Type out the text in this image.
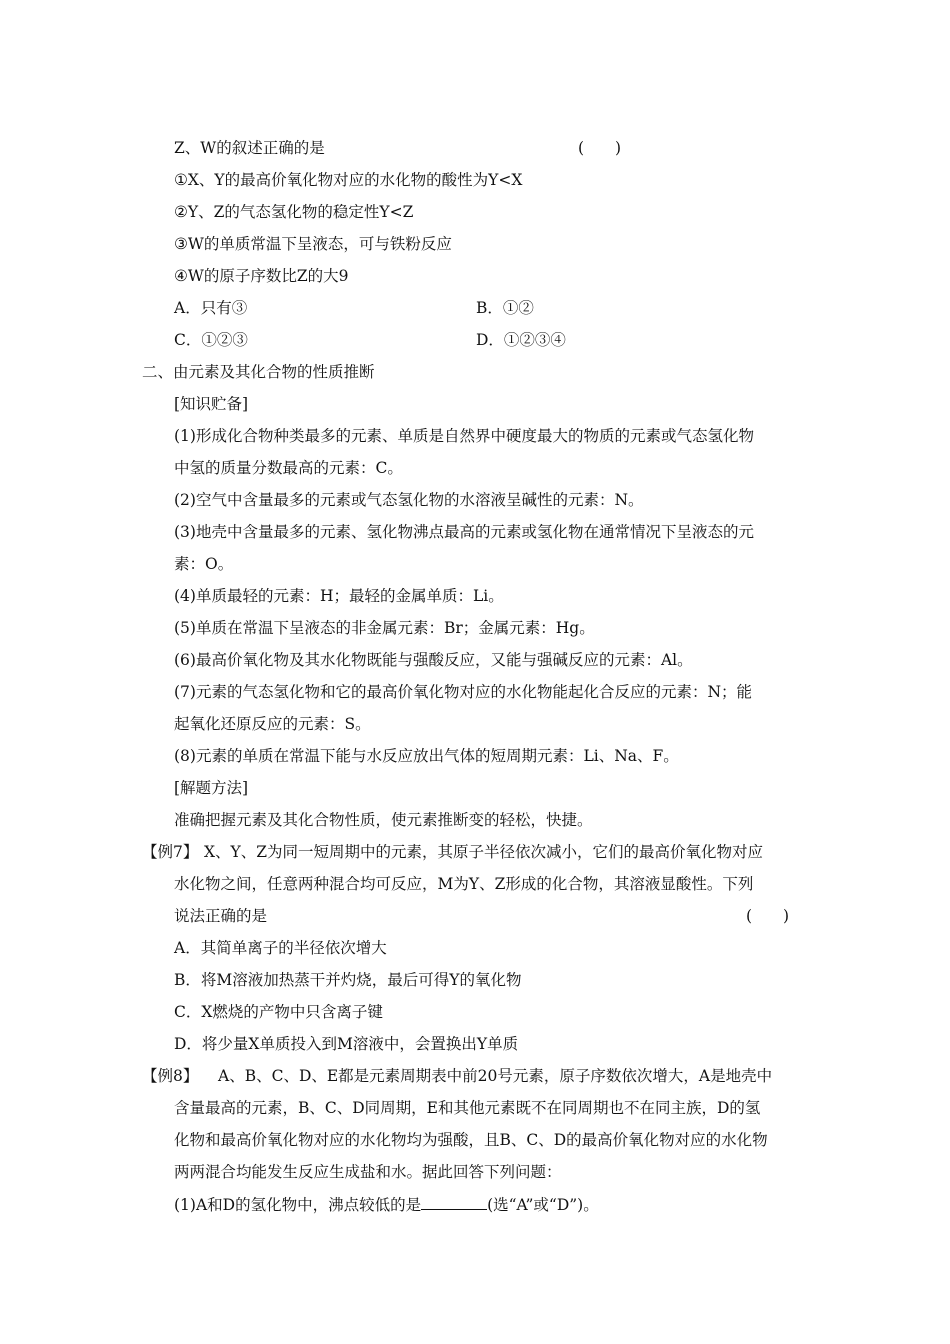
Z、W的叙述正确的是	(　　)
①X、Y的最高价氧化物对应的水化物的酸性为Y<X
②Y、Z的气态氢化物的稳定性Y<Z
③W的单质常温下呈液态，可与铁粉反应
④W的原子序数比Z的大9
A．只有③	B．①②
C．①②③	D．①②③④
二、由元素及其化合物的性质推断
[知识贮备]
(1)形成化合物种类最多的元素、单质是自然界中硬度最大的物质的元素或气态氢化物
中氢的质量分数最高的元素：C。
(2)空气中含量最多的元素或气态氢化物的水溶液呈碱性的元素：N。
(3)地壳中含量最多的元素、氢化物沸点最高的元素或氢化物在通常情况下呈液态的元
素：O。
(4)单质最轻的元素：H；最轻的金属单质：Li。
(5)单质在常温下呈液态的非金属元素：Br；金属元素：Hg。
(6)最高价氧化物及其水化物既能与强酸反应，又能与强碱反应的元素：Al。
(7)元素的气态氢化物和它的最高价氧化物对应的水化物能起化合反应的元素：N；能
起氧化还原反应的元素：S。
(8)元素的单质在常温下能与水反应放出气体的短周期元素：Li、Na、F。
[解题方法]
准确把握元素及其化合物性质，使元素推断变的轻松，快捷。
【例7】 X、Y、Z为同一短周期中的元素，其原子半径依次减小，它们的最高价氧化物对应
水化物之间，任意两种混合均可反应，M为Y、Z形成的化合物，其溶液显酸性。下列
说法正确的是	(　　)
A．其简单离子的半径依次增大
B．将M溶液加热蒸干并灼烧，最后可得Y的氧化物
C．X燃烧的产物中只含离子键
D．将少量X单质投入到M溶液中，会置换出Y单质
【例8】 A、B、C、D、E都是元素周期表中前20号元素，原子序数依次增大，A是地壳中
含量最高的元素，B、C、D同周期，E和其他元素既不在同周期也不在同主族，D的氢
化物和最高价氧化物对应的水化物均为强酸，且B、C、D的最高价氧化物对应的水化物
两两混合均能发生反应生成盐和水。据此回答下列问题：
(1)A和D的氢化物中，沸点较低的是	(选“A”或“D”)。
